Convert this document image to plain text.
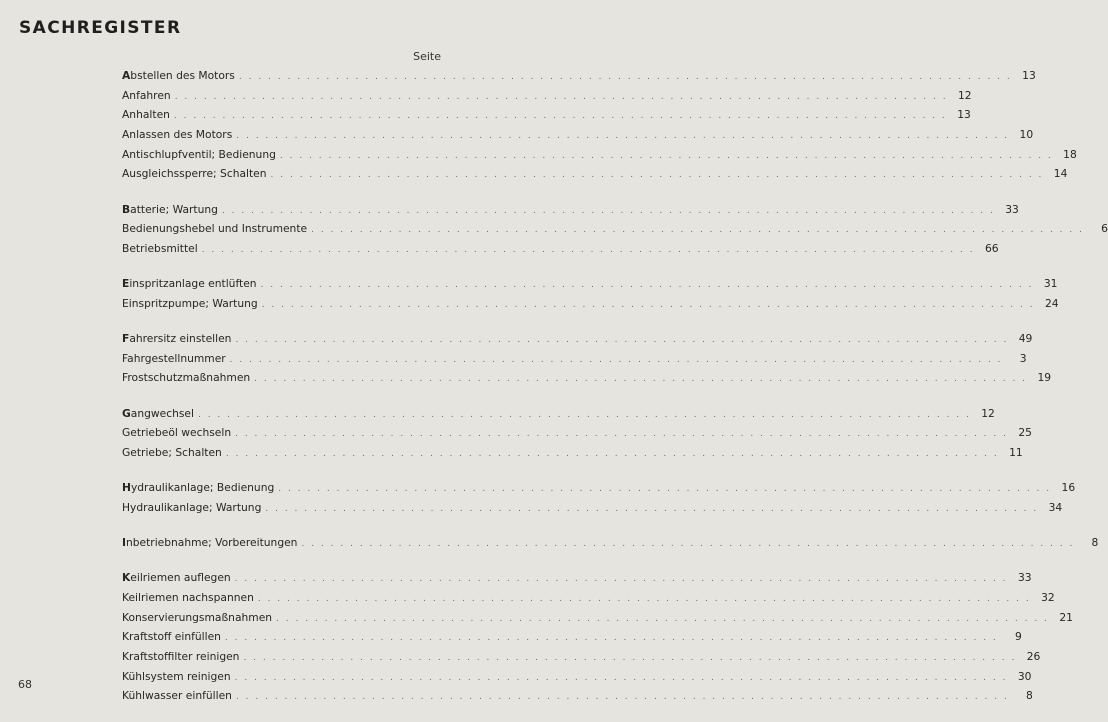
SACHREGISTER
Seite
Abstellen des Motors . . . . . . . . . . . . . . . . . . . . . . . . . . . . . . . . . . . . . . . . . . . . . . . . . . . . . . . . . . . . . . . . . . . . . . . . . . . . . . . . 13
Anfahren . . . . . . . . . . . . . . . . . . . . . . . . . . . . . . . . . . . . . . . . . . . . . . . . . . . . . . . . . . . . . . . . . . . . . . . . . . . . . . . . 12
Anhalten . . . . . . . . . . . . . . . . . . . . . . . . . . . . . . . . . . . . . . . . . . . . . . . . . . . . . . . . . . . . . . . . . . . . . . . . . . . . . . . . 13
Anlassen des Motors . . . . . . . . . . . . . . . . . . . . . . . . . . . . . . . . . . . . . . . . . . . . . . . . . . . . . . . . . . . . . . . . . . . . . . . . . . . . . . . . 10
Antischlupfventil; Bedienung . . . . . . . . . . . . . . . . . . . . . . . . . . . . . . . . . . . . . . . . . . . . . . . . . . . . . . . . . . . . . . . . . . . . . . . . . . . . . . . . 18
Ausgleichssperre; Schalten . . . . . . . . . . . . . . . . . . . . . . . . . . . . . . . . . . . . . . . . . . . . . . . . . . . . . . . . . . . . . . . . . . . . . . . . . . . . . . . . 14
Batterie; Wartung . . . . . . . . . . . . . . . . . . . . . . . . . . . . . . . . . . . . . . . . . . . . . . . . . . . . . . . . . . . . . . . . . . . . . . . . . . . . . . . . 33
Bedienungshebel und Instrumente . . . . . . . . . . . . . . . . . . . . . . . . . . . . . . . . . . . . . . . . . . . . . . . . . . . . . . . . . . . . . . . . . . . . . . . . . . . . . . . .	6
Betriebsmittel . . . . . . . . . . . . . . . . . . . . . . . . . . . . . . . . . . . . . . . . . . . . . . . . . . . . . . . . . . . . . . . . . . . . . . . . . . . . . . . . 66
Einspritzanlage entlüften . . . . . . . . . . . . . . . . . . . . . . . . . . . . . . . . . . . . . . . . . . . . . . . . . . . . . . . . . . . . . . . . . . . . . . . . . . . . . . . . 31
Einspritzpumpe; Wartung . . . . . . . . . . . . . . . . . . . . . . . . . . . . . . . . . . . . . . . . . . . . . . . . . . . . . . . . . . . . . . . . . . . . . . . . . . . . . . . . 24
Fahrersitz einstellen . . . . . . . . . . . . . . . . . . . . . . . . . . . . . . . . . . . . . . . . . . . . . . . . . . . . . . . . . . . . . . . . . . . . . . . . . . . . . . . . 49
Fahrgestellnummer . . . . . . . . . . . . . . . . . . . . . . . . . . . . . . . . . . . . . . . . . . . . . . . . . . . . . . . . . . . . . . . . . . . . . . . . . . . . . . . .	3
Frostschutzmaßnahmen . . . . . . . . . . . . . . . . . . . . . . . . . . . . . . . . . . . . . . . . . . . . . . . . . . . . . . . . . . . . . . . . . . . . . . . . . . . . . . . . 19
Gangwechsel . . . . . . . . . . . . . . . . . . . . . . . . . . . . . . . . . . . . . . . . . . . . . . . . . . . . . . . . . . . . . . . . . . . . . . . . . . . . . . . . 12
Getriebeöl wechseln . . . . . . . . . . . . . . . . . . . . . . . . . . . . . . . . . . . . . . . . . . . . . . . . . . . . . . . . . . . . . . . . . . . . . . . . . . . . . . . . 25
Getriebe; Schalten . . . . . . . . . . . . . . . . . . . . . . . . . . . . . . . . . . . . . . . . . . . . . . . . . . . . . . . . . . . . . . . . . . . . . . . . . . . . . . . . 11
Hydraulikanlage; Bedienung . . . . . . . . . . . . . . . . . . . . . . . . . . . . . . . . . . . . . . . . . . . . . . . . . . . . . . . . . . . . . . . . . . . . . . . . . . . . . . . . 16
Hydraulikanlage; Wartung . . . . . . . . . . . . . . . . . . . . . . . . . . . . . . . . . . . . . . . . . . . . . . . . . . . . . . . . . . . . . . . . . . . . . . . . . . . . . . . . 34
Inbetriebnahme; Vorbereitungen . . . . . . . . . . . . . . . . . . . . . . . . . . . . . . . . . . . . . . . . . . . . . . . . . . . . . . . . . . . . . . . . . . . . . . . . . . . . . . . .	8
Keilriemen auflegen . . . . . . . . . . . . . . . . . . . . . . . . . . . . . . . . . . . . . . . . . . . . . . . . . . . . . . . . . . . . . . . . . . . . . . . . . . . . . . . . 33
Keilriemen nachspannen . . . . . . . . . . . . . . . . . . . . . . . . . . . . . . . . . . . . . . . . . . . . . . . . . . . . . . . . . . . . . . . . . . . . . . . . . . . . . . . . 32
Konservierungsmaßnahmen . . . . . . . . . . . . . . . . . . . . . . . . . . . . . . . . . . . . . . . . . . . . . . . . . . . . . . . . . . . . . . . . . . . . . . . . . . . . . . . . 21
Kraftstoff einfüllen . . . . . . . . . . . . . . . . . . . . . . . . . . . . . . . . . . . . . . . . . . . . . . . . . . . . . . . . . . . . . . . . . . . . . . . . . . . . . . . .	9
Kraftstoffilter reinigen . . . . . . . . . . . . . . . . . . . . . . . . . . . . . . . . . . . . . . . . . . . . . . . . . . . . . . . . . . . . . . . . . . . . . . . . . . . . . . . . 26
Kühlsystem reinigen . . . . . . . . . . . . . . . . . . . . . . . . . . . . . . . . . . . . . . . . . . . . . . . . . . . . . . . . . . . . . . . . . . . . . . . . . . . . . . . . 30
Kühlwasser einfüllen . . . . . . . . . . . . . . . . . . . . . . . . . . . . . . . . . . . . . . . . . . . . . . . . . . . . . . . . . . . . . . . . . . . . . . . . . . . . . . . .	8
68
